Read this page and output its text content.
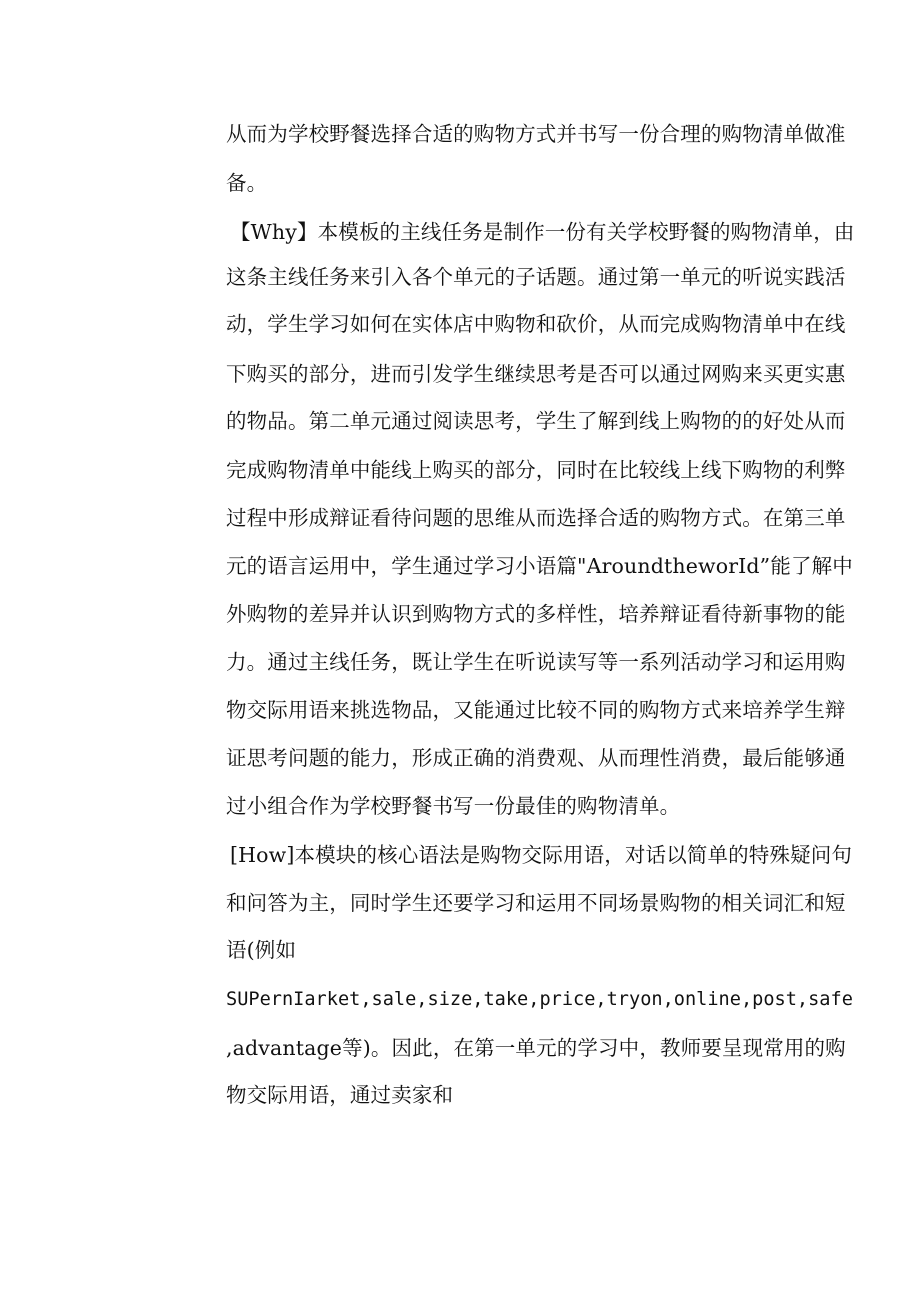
从而为学校野餐选择合适的购物方式并书写一份合理的购物清单做准
备。
【Why】本模板的主线任务是制作一份有关学校野餐的购物清单，由
这条主线任务来引入各个单元的子话题。通过第一单元的听说实践活
动，学生学习如何在实体店中购物和砍价，从而完成购物清单中在线
下购买的部分，进而引发学生继续思考是否可以通过网购来买更实惠
的物品。第二单元通过阅读思考，学生了解到线上购物的的好处从而
完成购物清单中能线上购买的部分，同时在比较线上线下购物的利弊
过程中形成辩证看待问题的思维从而选择合适的购物方式。在第三单
元的语言运用中，学生通过学习小语篇"AroundtheworId”能了解中
外购物的差异并认识到购物方式的多样性，培养辩证看待新事物的能
力。通过主线任务，既让学生在听说读写等一系列活动学习和运用购
物交际用语来挑选物品，又能通过比较不同的购物方式来培养学生辩
证思考问题的能力，形成正确的消费观、从而理性消费，最后能够通
过小组合作为学校野餐书写一份最佳的购物清单。
[How]本模块的核心语法是购物交际用语，对话以简单的特殊疑问句
和问答为主，同时学生还要学习和运用不同场景购物的相关词汇和短
语(例如
SUPernIarket,sale,size,take,price,tryon,online,post,safe
,advantage等)。因此，在第一单元的学习中，教师要呈现常用的购
物交际用语，通过卖家和
